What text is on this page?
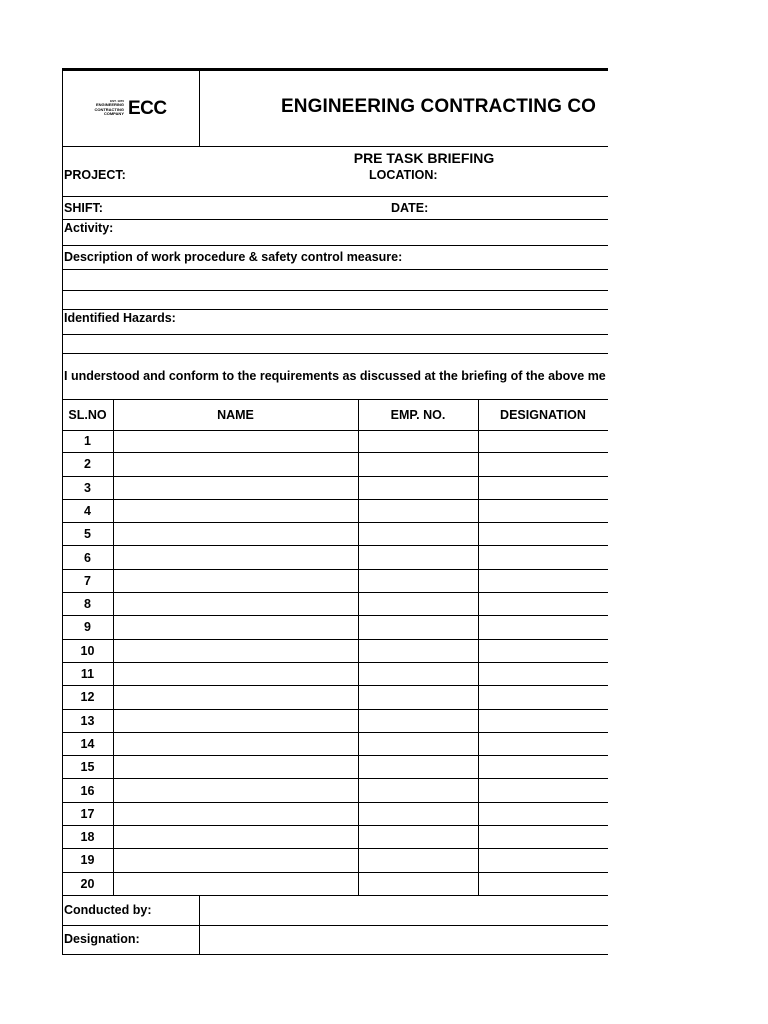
EST. 1970
ENGINEERING
CONTRACTING
COMPANY ECC	ENGINEERING CONTRACTING CO
PRE TASK BRIEFING
PROJECT:	LOCATION:
SHIFT:	DATE:
Activity:
Description of work procedure & safety control measure:
Identified Hazards:
I understood and conform to the requirements as discussed at the briefing of the above me
SL.NO	NAME	EMP. NO.	DESIGNATION
1
2
3
4
5
6
7
8
9
10
11
12
13
14
15
16
17
18
19
20
Conducted by:
Designation:
